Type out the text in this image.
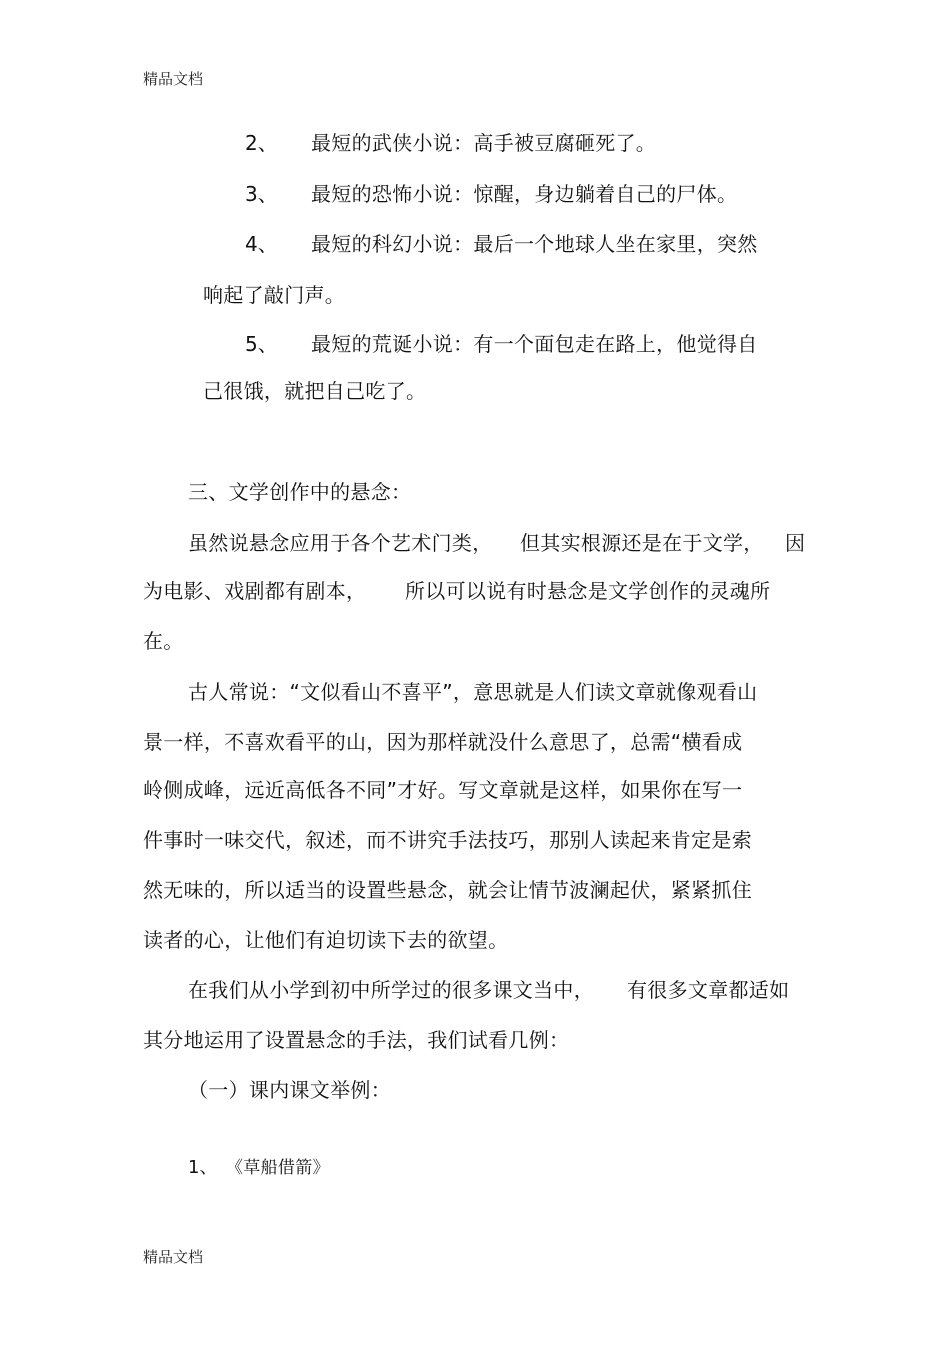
精品文档
2、 最短的武侠小说：高手被豆腐砸死了。
3、 最短的恐怖小说：惊醒，身边躺着自己的尸体。
4、 最短的科幻小说：最后一个地球人坐在家里，突然
响起了敲门声。
5、 最短的荒诞小说：有一个面包走在路上，他觉得自
己很饿，就把自己吃了。
三、文学创作中的悬念：
虽然说悬念应用于各个艺术门类， 但其实根源还是在于文学， 因
为电影、戏剧都有剧本， 所以可以说有时悬念是文学创作的灵魂所
在。
古人常说：“文似看山不喜平”，意思就是人们读文章就像观看山
景一样，不喜欢看平的山，因为那样就没什么意思了，总需“横看成
岭侧成峰，远近高低各不同”才好。写文章就是这样，如果你在写一
件事时一味交代，叙述，而不讲究手法技巧，那别人读起来肯定是索
然无味的，所以适当的设置些悬念，就会让情节波澜起伏，紧紧抓住
读者的心，让他们有迫切读下去的欲望。
在我们从小学到初中所学过的很多课文当中， 有很多文章都适如
其分地运用了设置悬念的手法，我们试看几例：
（一）课内课文举例：
1、 《草船借箭》
精品文档
